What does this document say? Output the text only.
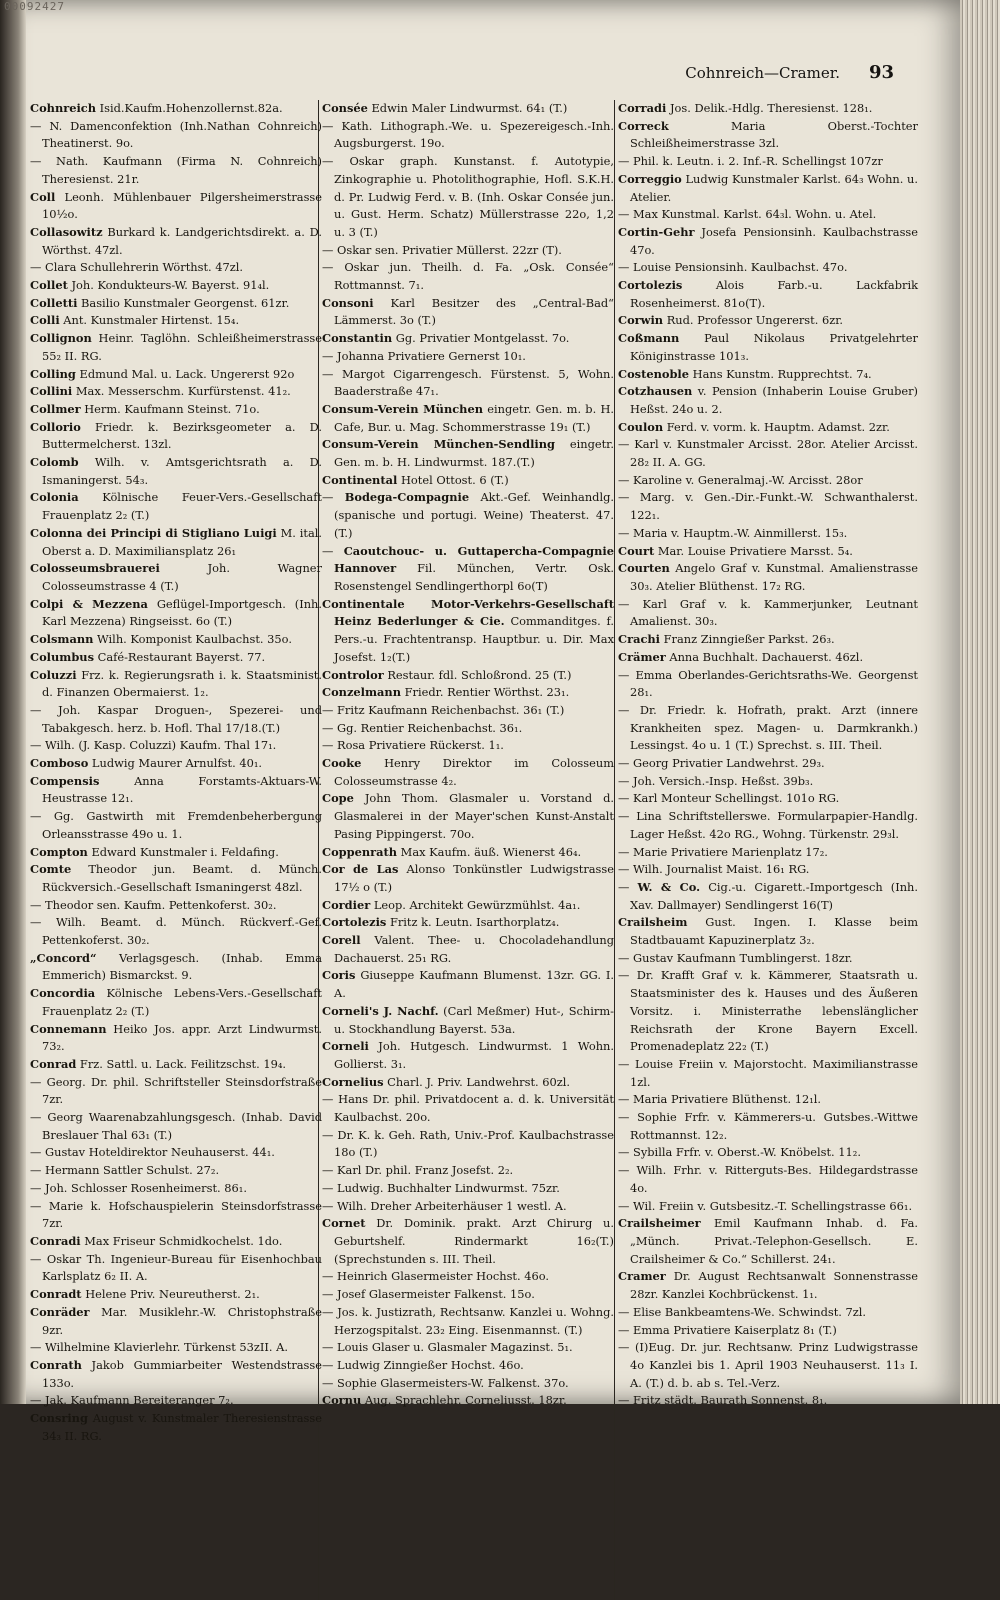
00092427
Cohnreich—Cramer. 93

Cohnreich Isid.Kaufm.Hohenzollernst.82a.

— N. Damenconfektion (Inh.Nathan Cohnreich) Theatinerst. 9o.

— Nath. Kaufmann (Firma N. Cohnreich) Theresienst. 21r.

Coll Leonh. Mühlenbauer Pilgersheimerstrasse 10½o.

Collasowitz Burkard k. Landgerichtsdirekt. a. D. Wörthst. 47zl.

— Clara Schullehrerin Wörthst. 47zl.

Collet Joh. Kondukteurs-W. Bayerst. 91₄l.

Colletti Basilio Kunstmaler Georgenst. 61zr.

Colli Ant. Kunstmaler Hirtenst. 15₄.

Collignon Heinr. Taglöhn. Schleißheimerstrasse 55₂ II. RG.

Colling Edmund Mal. u. Lack. Ungererst 92o

Collini Max. Messerschm. Kurfürstenst. 41₂.

Collmer Herm. Kaufmann Steinst. 71o.

Collorio Friedr. k. Bezirksgeometer a. D. Buttermelcherst. 13zl.

Colomb Wilh. v. Amtsgerichtsrath a. D. Ismaningerst. 54₃.

Colonia Kölnische Feuer-Vers.-Gesellschaft Frauenplatz 2₂ (T.)

Colonna dei Principi di Stigliano Luigi M. ital. Oberst a. D. Maximiliansplatz 26₁

Colosseumsbrauerei	Joh. Wagner Colosseumstrasse 4 (T.)

Colpi & Mezzena Geflügel-Importgesch. (Inh. Karl Mezzena) Ringseisst. 6o (T.)

Colsmann Wilh. Komponist Kaulbachst. 35o.

Columbus Café-Restaurant Bayerst. 77.

Coluzzi Frz. k. Regierungsrath i. k. Staatsminist. d. Finanzen Obermaierst. 1₂.

— Joh. Kaspar Droguen-, Spezerei- und Tabakgesch. herz. b. Hofl. Thal 17/18.(T.)

— Wilh. (J. Kasp. Coluzzi) Kaufm. Thal 17₁.

Comboso Ludwig Maurer Arnulfst. 40₁.

Compensis	Anna Forstamts-Aktuars-W. Heustrasse 12₁.

— Gg. Gastwirth mit Fremdenbeherbergung Orleansstrasse 49o u. 1.

Compton Edward Kunstmaler i. Feldafing.

Comte Theodor jun. Beamt. d. Münch. Rückversich.-Gesellschaft Ismaningerst 48zl.

— Theodor sen. Kaufm. Pettenkoferst. 30₂.

— Wilh. Beamt. d. Münch. Rückverf.-Gef. Pettenkoferst. 30₂.

„Concord“ Verlagsgesch. (Inhab. Emma Emmerich) Bismarckst. 9.

Concordia Kölnische Lebens-Vers.-Gesellschaft Frauenplatz 2₂ (T.)

Connemann Heiko Jos. appr. Arzt Lindwurmst. 73₂.

Conrad Frz. Sattl. u. Lack. Feilitzschst. 19₄.

— Georg. Dr. phil. Schriftsteller Steinsdorfstraße 7zr.

— Georg Waarenabzahlungsgesch. (Inhab. David Breslauer Thal 63₁ (T.)

— Gustav Hoteldirektor Neuhauserst. 44₁.

— Hermann Sattler Schulst. 27₂.

— Joh. Schlosser Rosenheimerst. 86₁.

— Marie k. Hofschauspielerin Steinsdorfstrasse 7zr.

Conradi Max Friseur Schmidkochelst. 1do.

— Oskar Th. Ingenieur-Bureau für Eisenhochbau Karlsplatz 6₂ II. A.

Conradt Helene Priv. Neureutherst. 2₁.

Conräder Mar. Musiklehr.-W. Christophstraße 9zr.

— Wilhelmine Klavierlehr. Türkenst 53zII. A.

Conrath Jakob Gummiarbeiter Westendstrasse 133o.

— Jak. Kaufmann Bereiteranger 7₂.

Consring August v. Kunstmaler Theresienstrasse 34₃ II. RG.

Consée Edwin Maler Lindwurmst. 64₁ (T.)

— Kath. Lithograph.-We. u. Spezereigesch.-Inh. Augsburgerst. 19o.

— Oskar graph. Kunstanst. f. Autotypie, Zinkographie u. Photolithographie, Hofl. S.K.H. d. Pr. Ludwig Ferd. v. B. (Inh. Oskar Consée jun. u. Gust. Herm. Schatz) Müllerstrasse 22o, 1,2 u. 3 (T.)

— Oskar sen. Privatier Müllerst. 22zr (T).

— Oskar jun. Theilh. d. Fa. „Osk. Consée“ Rottmannst. 7₁.

Consoni Karl Besitzer des „Central-Bad“ Lämmerst. 3o (T.)

Constantin Gg. Privatier Montgelasst. 7o.

— Johanna Privatiere Gernerst 10₁.

— Margot Cigarrengesch. Fürstenst. 5, Wohn. Baaderstraße 47₁.

Consum-Verein München eingetr. Gen. m. b. H. Cafe, Bur. u. Mag. Schommerstrasse 19₁ (T.)

Consum-Verein München-Sendling eingetr. Gen. m. b. H. Lindwurmst. 187.(T.)

Continental Hotel Ottost. 6 (T.)

— Bodega-Compagnie Akt.-Gef. Weinhandlg. (spanische und portugi. Weine) Theaterst. 47.(T.)

— Caoutchouc- u. Guttapercha-Compagnie Hannover Fil. München, Vertr. Osk. Rosenstengel Sendlingerthorpl 6o(T)

Continentale Motor-Verkehrs-Gesellschaft Heinz Bederlunger & Cie. Commanditges. f. Pers.-u. Frachtentransp. Hauptbur. u. Dir. Max Josefst. 1₂(T.)

Controlor Restaur. fdl. Schloßrond. 25 (T.)

Conzelmann Friedr. Rentier Wörthst. 23₁.

— Fritz Kaufmann Reichenbachst. 36₁ (T.)

— Gg. Rentier Reichenbachst. 36₁.

— Rosa Privatiere Rückerst. 1₁.

Cooke Henry Direktor im Colosseum Colosseumstrasse 4₂.

Cope John Thom. Glasmaler u. Vorstand d. Glasmalerei in der Mayer'schen Kunst-Anstalt Pasing Pippingerst. 70o.

Coppenrath Max Kaufm. äuß. Wienerst 46₄.

Cor de Las Alonso Tonkünstler Ludwigstrasse 17½ o (T.)

Cordier Leop. Architekt Gewürzmühlst. 4a₁.

Cortolezis Fritz k. Leutn. Isarthorplatz₄.

Corell Valent. Thee- u. Chocoladehandlung Dachauerst. 25₁ RG.

Coris Giuseppe Kaufmann Blumenst. 13zr. GG. I. A.

Corneli's J. Nachf. (Carl Meßmer) Hut-, Schirm- u. Stockhandlung Bayerst. 53a.

Corneli Joh. Hutgesch. Lindwurmst. 1 Wohn. Gollierst. 3₁.

Cornelius Charl. J. Priv. Landwehrst. 60zl.

— Hans Dr. phil. Privatdocent a. d. k. Universität Kaulbachst. 20o.

— Dr. K. k. Geh. Rath, Univ.-Prof. Kaulbachstrasse 18o (T.)

— Karl Dr. phil. Franz Josefst. 2₂.

— Ludwig. Buchhalter Lindwurmst. 75zr.

— Wilh. Dreher Arbeiterhäuser 1 westl. A.

Cornet Dr. Dominik. prakt. Arzt Chirurg u. Geburtshelf. Rindermarkt 16₂(T.)(Sprechstunden s. III. Theil.

— Heinrich Glasermeister Hochst. 46o.

— Josef Glasermeister Falkenst. 15o.

— Jos. k. Justizrath, Rechtsanw. Kanzlei u. Wohng. Herzogspitalst. 23₂ Eing. Eisenmannst. (T.)

— Louis Glaser u. Glasmaler Magazinst. 5₁.

— Ludwig Zinngießer Hochst. 46o.

— Sophie Glasermeisters-W. Falkenst. 37o.

Cornu Aug. Sprachlehr. Corneliusst. 18zr.

Corradi Jos. Delik.-Hdlg. Theresienst. 128₁.

Correck	Maria Oberst.-Tochter Schleißheimerstrasse 3zl.

— Phil. k. Leutn. i. 2. Inf.-R. Schellingst 107zr

Correggio Ludwig Kunstmaler Karlst. 64₃ Wohn. u. Atelier.

— Max Kunstmal. Karlst. 64₃l. Wohn. u. Atel.

Cortin-Gehr Josefa Pensionsinh. Kaulbachstrasse 47o.

— Louise Pensionsinh. Kaulbachst. 47o.

Cortolezis	Alois Farb.-u. Lackfabrik Rosenheimerst. 81o(T).

Corwin Rud. Professor Ungererst. 6zr.

Coßmann Paul Nikolaus Privatgelehrter Königinstrasse 101₃.

Costenoble Hans Kunstm. Rupprechtst. 7₄.

Cotzhausen v. Pension (Inhaberin Louise Gruber) Heßst. 24o u. 2.

Coulon Ferd. v. vorm. k. Hauptm. Adamst. 2zr.

— Karl v. Kunstmaler Arcisst. 28or. Atelier Arcisst. 28₂ II. A. GG.

— Karoline v. Generalmaj.-W. Arcisst. 28or

— Marg. v. Gen.-Dir.-Funkt.-W. Schwanthalerst. 122₁.

— Maria v. Hauptm.-W. Ainmillerst. 15₃.

Court Mar. Louise Privatiere Marsst. 5₄.

Courten Angelo Graf v. Kunstmal. Amalienstrasse 30₃. Atelier Blüthenst. 17₂ RG.

— Karl Graf v. k. Kammerjunker, Leutnant Amalienst. 30₃.

Crachi Franz Zinngießer Parkst. 26₃.

Crämer Anna Buchhalt. Dachauerst. 46zl.

— Emma Oberlandes-Gerichtsraths-We. Georgenst 28₁.

— Dr. Friedr. k. Hofrath, prakt. Arzt (innere Krankheiten spez. Magen- u. Darmkrankh.) Lessingst. 4o u. 1 (T.) Sprechst. s. III. Theil.

— Georg Privatier Landwehrst. 29₃.

— Joh. Versich.-Insp. Heßst. 39b₃.

— Karl Monteur Schellingst. 101o RG.

— Lina Schriftstellerswe. Formularpapier-Handlg. Lager Heßst. 42o RG., Wohng. Türkenstr. 29₃l.

— Marie Privatiere Marienplatz 17₂.

— Wilh. Journalist Maist. 16₁ RG.

— W. & Co. Cig.-u. Cigarett.-Importgesch (Inh. Xav. Dallmayer) Sendlingerst 16(T)

Crailsheim Gust. Ingen. I. Klasse beim Stadtbauamt Kapuzinerplatz 3₂.

— Gustav Kaufmann Tumblingerst. 18zr.

— Dr. Krafft Graf v. k. Kämmerer, Staatsrath u. Staatsminister des k. Hauses und des Äußeren Vorsitz. i. Ministerrathe lebenslänglicher Reichsrath der Krone Bayern Excell. Promenadeplatz 22₂ (T.)

— Louise Freiin v. Majorstocht. Maximilianstrasse 1zl.

— Maria Privatiere Blüthenst. 12₁l.

— Sophie Frfr. v. Kämmerers-u. Gutsbes.-Wittwe Rottmannst. 12₂.

— Sybilla Frfr. v. Oberst.-W. Knöbelst. 11₂.

— Wilh. Frhr. v. Ritterguts-Bes. Hildegardstrasse 4o.

— Wil. Freiin v. Gutsbesitz.-T. Schellingstrasse 66₁.

Crailsheimer Emil Kaufmann Inhab. d. Fa. „Münch. Privat.-Telephon-Gesellsch. E. Crailsheimer & Co.“ Schillerst. 24₁.

Cramer Dr. August Rechtsanwalt Sonnenstrasse 28zr. Kanzlei Kochbrückenst. 1₁.

— Elise Bankbeamtens-We. Schwindst. 7zl.

— Emma Privatiere Kaiserplatz 8₁ (T.)

— (I)Eug. Dr. jur. Rechtsanw. Prinz Ludwigstrasse 4o Kanzlei bis 1. April 1903 Neuhauserst. 11₃ I. A. (T.) d. b. ab s. Tel.-Verz.

— Fritz städt. Baurath Sonnenst. 8₁.
